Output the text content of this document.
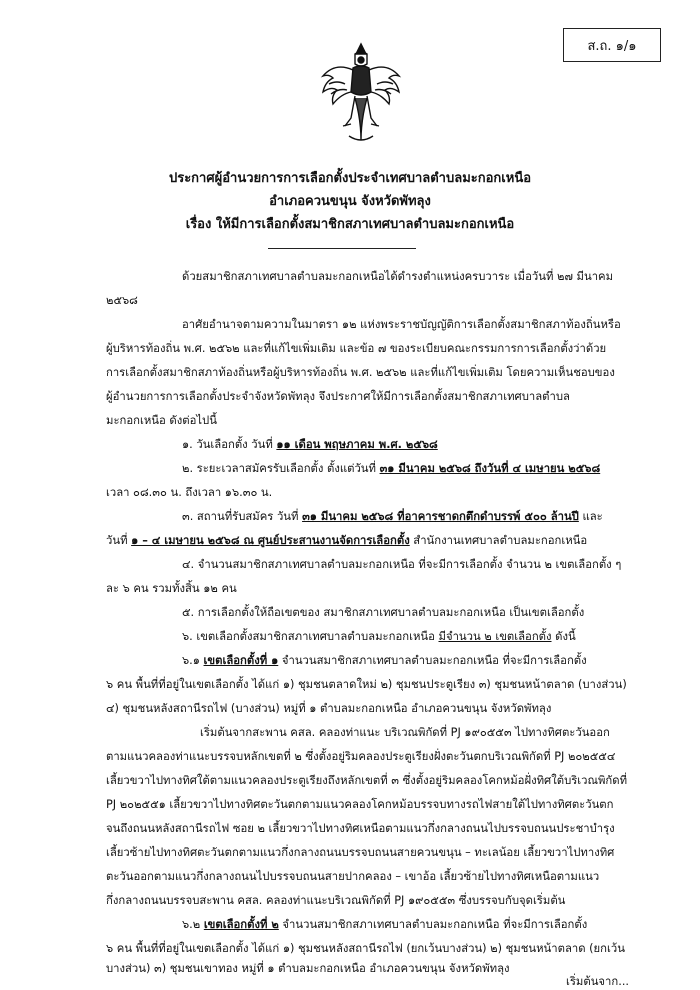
ส.ถ. ๑/๑
ประกาศผู้อำนวยการการเลือกตั้งประจำเทศบาลตำบลมะกอกเหนือ
อำเภอควนขนุน จังหวัดพัทลุง
เรื่อง ให้มีการเลือกตั้งสมาชิกสภาเทศบาลตำบลมะกอกเหนือ
ด้วยสมาชิกสภาเทศบาลตำบลมะกอกเหนือได้ดำรงตำแหน่งครบวาระ เมื่อวันที่ ๒๗ มีนาคม
๒๕๖๘
อาศัยอำนาจตามความในมาตรา ๑๒ แห่งพระราชบัญญัติการเลือกตั้งสมาชิกสภาท้องถิ่นหรือ
ผู้บริหารท้องถิ่น พ.ศ. ๒๕๖๒ และที่แก้ไขเพิ่มเติม และข้อ ๗ ของระเบียบคณะกรรมการการเลือกตั้งว่าด้วย
การเลือกตั้งสมาชิกสภาท้องถิ่นหรือผู้บริหารท้องถิ่น พ.ศ. ๒๕๖๒ และที่แก้ไขเพิ่มเติม โดยความเห็นชอบของ
ผู้อำนวยการการเลือกตั้งประจำจังหวัดพัทลุง จึงประกาศให้มีการเลือกตั้งสมาชิกสภาเทศบาลตำบล
มะกอกเหนือ ดังต่อไปนี้
๑. วันเลือกตั้ง วันที่ ๑๑ เดือน พฤษภาคม พ.ศ. ๒๕๖๘
๒. ระยะเวลาสมัครรับเลือกตั้ง ตั้งแต่วันที่ ๓๑ มีนาคม ๒๕๖๘ ถึงวันที่ ๔ เมษายน ๒๕๖๘
เวลา ๐๘.๓๐ น. ถึงเวลา ๑๖.๓๐ น.
๓. สถานที่รับสมัคร วันที่ ๓๑ มีนาคม ๒๕๖๘ ที่อาคารชาดกตึกดำบรรพ์ ๕๐๐ ล้านปี และ
วันที่ ๑ – ๔ เมษายน ๒๕๖๘ ณ ศูนย์ประสานงานจัดการเลือกตั้ง สำนักงานเทศบาลตำบลมะกอกเหนือ
๔. จำนวนสมาชิกสภาเทศบาลตำบลมะกอกเหนือ ที่จะมีการเลือกตั้ง จำนวน ๒ เขตเลือกตั้ง ๆ
ละ ๖ คน รวมทั้งสิ้น ๑๒ คน
๕. การเลือกตั้งให้ถือเขตของ สมาชิกสภาเทศบาลตำบลมะกอกเหนือ เป็นเขตเลือกตั้ง
๖. เขตเลือกตั้งสมาชิกสภาเทศบาลตำบลมะกอกเหนือ มีจำนวน ๒ เขตเลือกตั้ง ดังนี้
๖.๑ เขตเลือกตั้งที่ ๑ จำนวนสมาชิกสภาเทศบาลตำบลมะกอกเหนือ ที่จะมีการเลือกตั้ง
๖ คน พื้นที่ที่อยู่ในเขตเลือกตั้ง ได้แก่ ๑) ชุมชนตลาดใหม่ ๒) ชุมชนประตูเรียง ๓) ชุมชนหน้าตลาด (บางส่วน)
๔) ชุมชนหลังสถานีรถไฟ (บางส่วน) หมู่ที่ ๑ ตำบลมะกอกเหนือ อำเภอควนขนุน จังหวัดพัทลุง
เริ่มต้นจากสะพาน คสล. คลองท่าแนะ บริเวณพิกัดที่ PJ ๑๙๐๕๕๓ ไปทางทิศตะวันออก
ตามแนวคลองท่าแนะบรรจบหลักเขตที่ ๒ ซึ่งตั้งอยู่ริมคลองประตูเรียงฝั่งตะวันตกบริเวณพิกัดที่ PJ ๒๐๒๕๕๔
เลี้ยวขวาไปทางทิศใต้ตามแนวคลองประตูเรียงถึงหลักเขตที่ ๓ ซึ่งตั้งอยู่ริมคลองโคกหม้อฝั่งทิศใต้บริเวณพิกัดที่
PJ ๒๐๒๕๕๑ เลี้ยวขวาไปทางทิศตะวันตกตามแนวคลองโคกหม้อบรรจบทางรถไฟสายใต้ไปทางทิศตะวันตก
จนถึงถนนหลังสถานีรถไฟ ซอย ๒ เลี้ยวขวาไปทางทิศเหนือตามแนวกึ่งกลางถนนไปบรรจบถนนประชาบำรุง
เลี้ยวซ้ายไปทางทิศตะวันตกตามแนวกึ่งกลางถนนบรรจบถนนสายควนขนุน – ทะเลน้อย เลี้ยวขวาไปทางทิศ
ตะวันออกตามแนวกึ่งกลางถนนไปบรรจบถนนสายปากคลอง – เขาอ้อ เลี้ยวซ้ายไปทางทิศเหนือตามแนว
กึ่งกลางถนนบรรจบสะพาน คสล. คลองท่าแนะบริเวณพิกัดที่ PJ ๑๙๐๕๕๓ ซึ่งบรรจบกับจุดเริ่มต้น
๖.๒ เขตเลือกตั้งที่ ๒ จำนวนสมาชิกสภาเทศบาลตำบลมะกอกเหนือ ที่จะมีการเลือกตั้ง
๖ คน พื้นที่ที่อยู่ในเขตเลือกตั้ง ได้แก่ ๑) ชุมชนหลังสถานีรถไฟ (ยกเว้นบางส่วน) ๒) ชุมชนหน้าตลาด (ยกเว้น
บางส่วน) ๓) ชุมชนเขาทอง หมู่ที่ ๑ ตำบลมะกอกเหนือ อำเภอควนขนุน จังหวัดพัทลุง
เริ่มต้นจาก...
